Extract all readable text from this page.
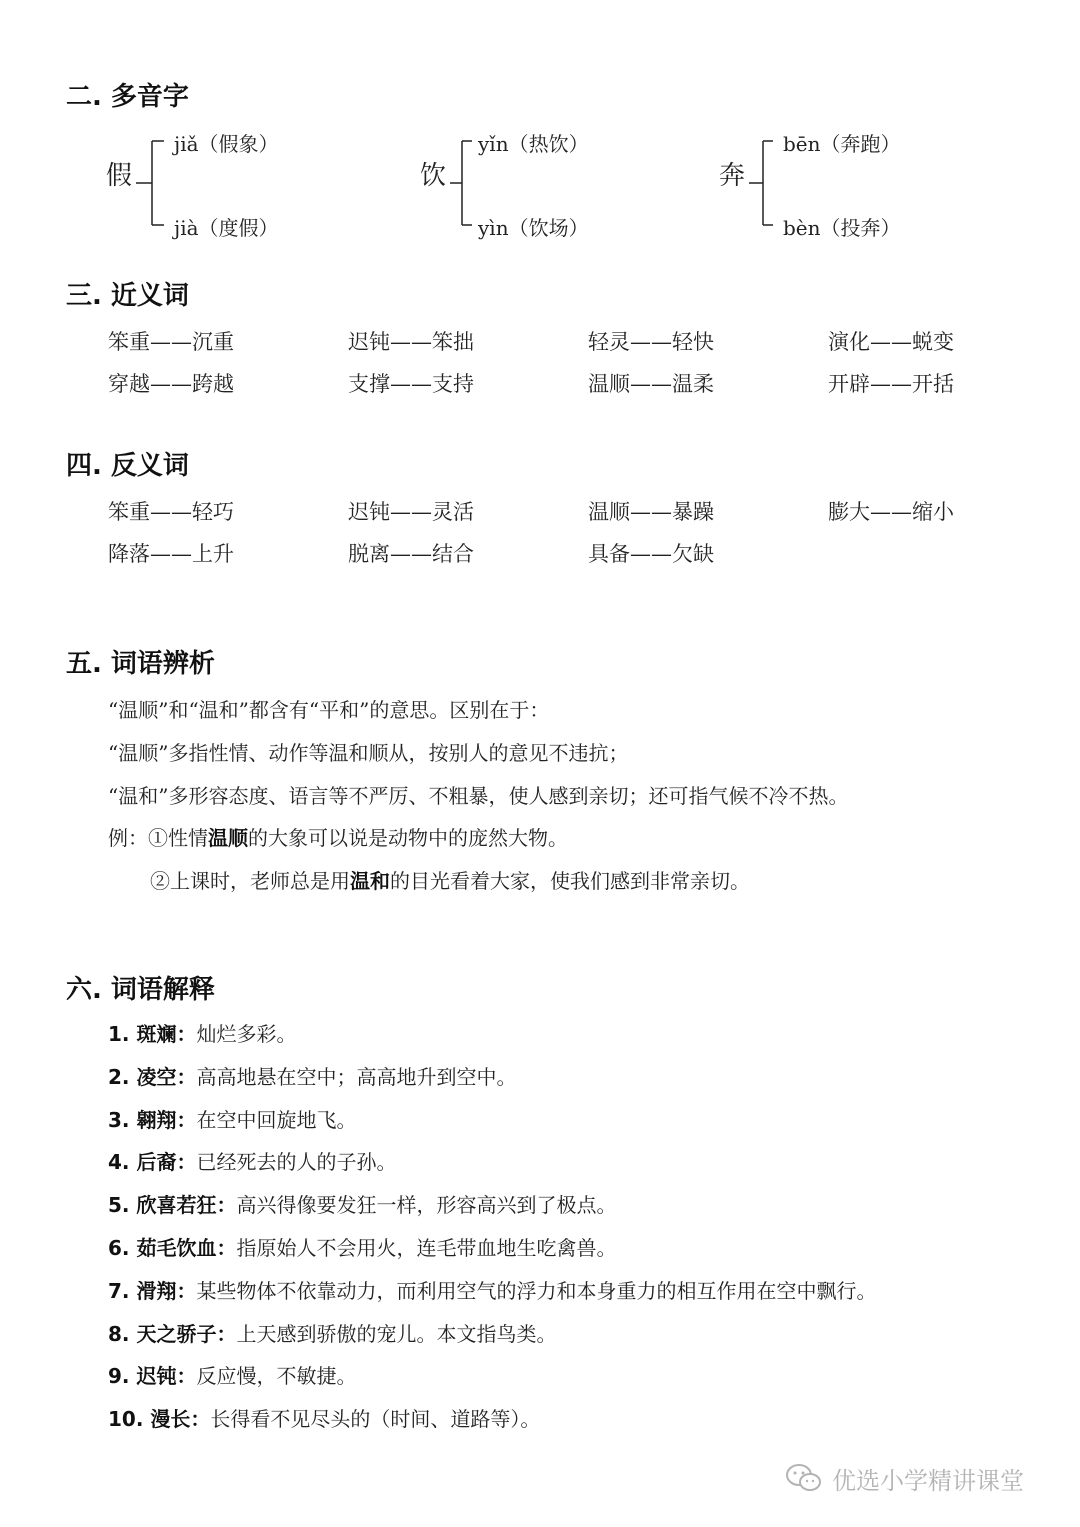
二. 多音字
假
jiǎ（假象）
jià（度假）
饮
yǐn（热饮）
yìn（饮场）
奔
bēn（奔跑）
bèn（投奔）
三. 近义词
笨重——沉重	迟钝——笨拙	轻灵——轻快	演化——蜕变
穿越——跨越	支撑——支持	温顺——温柔	开辟——开括
四. 反义词
笨重——轻巧	迟钝——灵活	温顺——暴躁	膨大——缩小
降落——上升	脱离——结合	具备——欠缺
五. 词语辨析
“温顺”和“温和”都含有“平和”的意思。区别在于：
“温顺”多指性情、动作等温和顺从，按别人的意见不违抗；
“温和”多形容态度、语言等不严厉、不粗暴，使人感到亲切；还可指气候不冷不热。
例：①性情温顺的大象可以说是动物中的庞然大物。
②上课时，老师总是用温和的目光看着大家，使我们感到非常亲切。
六. 词语解释
1. 斑斓：灿烂多彩。
2. 凌空：高高地悬在空中；高高地升到空中。
3. 翱翔：在空中回旋地飞。
4. 后裔：已经死去的人的子孙。
5. 欣喜若狂：高兴得像要发狂一样，形容高兴到了极点。
6. 茹毛饮血：指原始人不会用火，连毛带血地生吃禽兽。
7. 滑翔：某些物体不依靠动力，而利用空气的浮力和本身重力的相互作用在空中飘行。
8. 天之骄子：上天感到骄傲的宠儿。本文指鸟类。
9. 迟钝：反应慢，不敏捷。
10. 漫长：长得看不见尽头的（时间、道路等）。
优选小学精讲课堂
